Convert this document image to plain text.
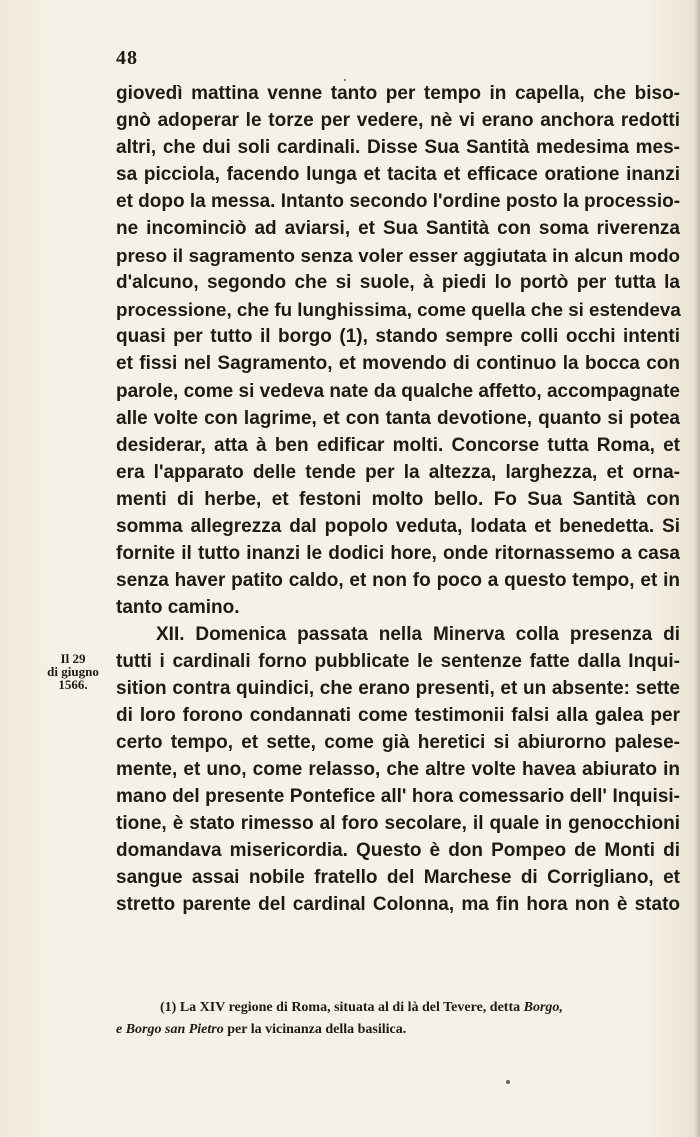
48
Il 29
di giugno
1566.
giovedì mattina venne tanto per tempo in capella, che biso-
gnò adoperar le torze per vedere, nè vi erano anchora redotti
altri, che dui soli cardinali. Disse Sua Santità medesima mes-
sa picciola, facendo lunga et tacita et efficace oratione inanzi
et dopo la messa. Intanto secondo l'ordine posto la processio-
ne incominciò ad aviarsi, et Sua Santità con soma riverenza
preso il sagramento senza voler esser aggiutata in alcun modo
d'alcuno, segondo che si suole, à piedi lo portò per tutta la
processione, che fu lunghissima, come quella che si estendeva
quasi per tutto il borgo (1), stando sempre colli occhi intenti
et fissi nel Sagramento, et movendo di continuo la bocca con
parole, come si vedeva nate da qualche affetto, accompagnate
alle volte con lagrime, et con tanta devotione, quanto si potea
desiderar, atta à ben edificar molti. Concorse tutta Roma, et
era l'apparato delle tende per la altezza, larghezza, et orna-
menti di herbe, et festoni molto bello. Fo Sua Santità con
somma allegrezza dal popolo veduta, lodata et benedetta. Si
fornite il tutto inanzi le dodici hore, onde ritornassemo a casa
senza haver patito caldo, et non fo poco a questo tempo, et in
tanto camino.
XII. Domenica passata nella Minerva colla presenza di
tutti i cardinali forno pubblicate le sentenze fatte dalla Inqui-
sition contra quindici, che erano presenti, et un absente: sette
di loro forono condannati come testimonii falsi alla galea per
certo tempo, et sette, come già heretici si abiurorno palese-
mente, et uno, come relasso, che altre volte havea abiurato in
mano del presente Pontefice all' hora comessario dell' Inquisi-
tione, è stato rimesso al foro secolare, il quale in genocchioni
domandava misericordia. Questo è don Pompeo de Monti di
sangue assai nobile fratello del Marchese di Corrigliano, et
stretto parente del cardinal Colonna, ma fin hora non è stato
(1) La XIV regione di Roma, situata al di là del Tevere, detta Borgo,
e Borgo san Pietro per la vicinanza della basilica.
